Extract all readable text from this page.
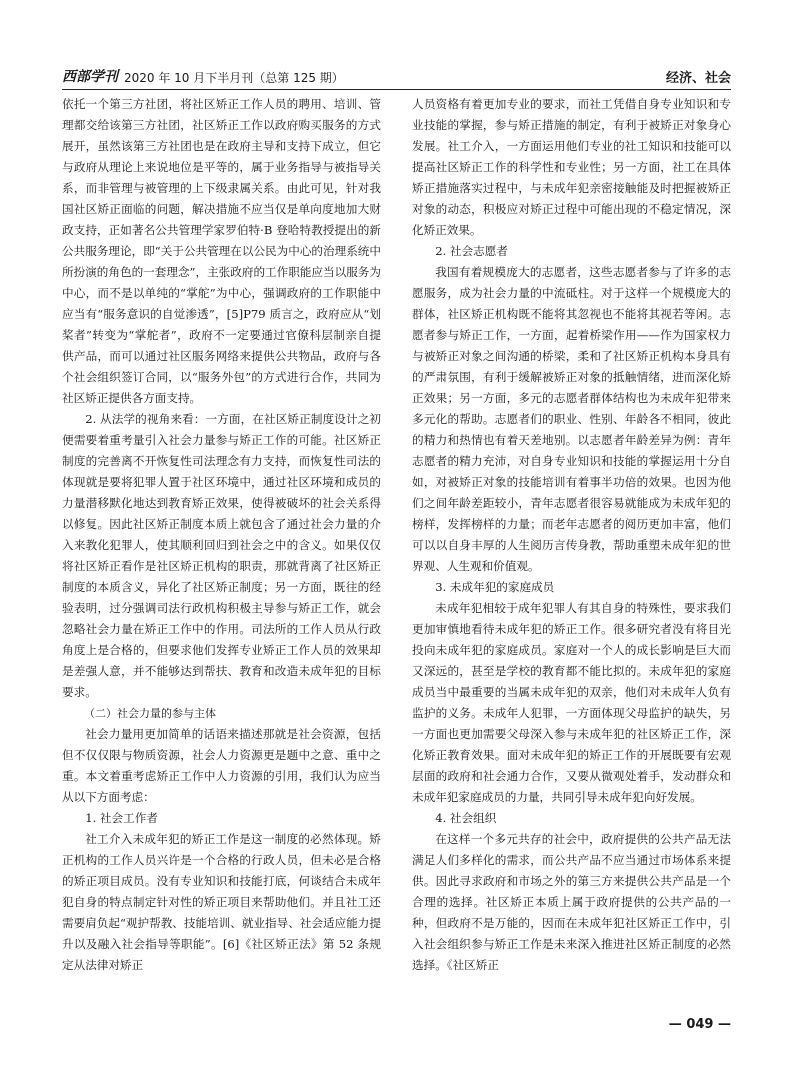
西部学刊 2020 年 10 月下半月刊（总第 125 期）	经济、社会

依托一个第三方社团，将社区矫正工作人员的聘用、培训、管理都交给该第三方社团，社区矫正工作以政府购买服务的方式展开，虽然该第三方社团也是在政府主导和支持下成立，但它与政府从理论上来说地位是平等的，属于业务指导与被指导关系，而非管理与被管理的上下级隶属关系。由此可见，针对我国社区矫正面临的问题，解决措施不应当仅是单向度地加大财政支持，正如著名公共管理学家罗伯特·B 登哈特教授提出的新公共服务理论，即“关于公共管理在以公民为中心的治理系统中所扮演的角色的一套理念”，主张政府的工作职能应当以服务为中心，而不是以单纯的“掌舵”为中心，强调政府的工作职能中应当有“服务意识的自觉渗透”，[5]P79 质言之，政府应从“划桨者”转变为“掌舵者”，政府不一定要通过官僚科层制亲自提供产品，而可以通过社区服务网络来提供公共物品，政府与各个社会组织签订合同，以“服务外包”的方式进行合作，共同为社区矫正提供各方面支持。

2. 从法学的视角来看：一方面，在社区矫正制度设计之初便需要着重考量引入社会力量参与矫正工作的可能。社区矫正制度的完善离不开恢复性司法理念有力支持，而恢复性司法的体现就是要将犯罪人置于社区环境中，通过社区环境和成员的力量潜移默化地达到教育矫正效果，使得被破坏的社会关系得以修复。因此社区矫正制度本质上就包含了通过社会力量的介入来教化犯罪人，使其顺利回归到社会之中的含义。如果仅仅将社区矫正看作是社区矫正机构的职责，那就背离了社区矫正制度的本质含义，异化了社区矫正制度；另一方面，既往的经验表明，过分强调司法行政机构积极主导参与矫正工作，就会忽略社会力量在矫正工作中的作用。司法所的工作人员从行政角度上是合格的，但要求他们发挥专业矫正工作人员的效果却是差强人意，并不能够达到帮扶、教育和改造未成年犯的目标要求。

（二）社会力量的参与主体

社会力量用更加简单的话语来描述那就是社会资源，包括但不仅仅限与物质资源，社会人力资源更是题中之意、重中之重。本文着重考虑矫正工作中人力资源的引用，我们认为应当从以下方面考虑：

1. 社会工作者

社工介入未成年犯的矫正工作是这一制度的必然体现。矫正机构的工作人员兴许是一个合格的行政人员，但未必是合格的矫正项目成员。没有专业知识和技能打底，何谈结合未成年犯自身的特点制定针对性的矫正项目来帮助他们。并且社工还需要肩负起“观护帮教、技能培训、就业指导、社会适应能力提升以及融入社会指导等职能”。[6]《社区矫正法》第 52 条规定从法律对矫正

人员资格有着更加专业的要求，而社工凭借自身专业知识和专业技能的掌握，参与矫正措施的制定，有利于被矫正对象身心发展。社工介入，一方面运用他们专业的社工知识和技能可以提高社区矫正工作的科学性和专业性；另一方面，社工在具体矫正措施落实过程中，与未成年犯亲密接触能及时把握被矫正对象的动态，积极应对矫正过程中可能出现的不稳定情况，深化矫正效果。

2. 社会志愿者

我国有着规模庞大的志愿者，这些志愿者参与了许多的志愿服务，成为社会力量的中流砥柱。对于这样一个规模庞大的群体，社区矫正机构既不能将其忽视也不能将其视若等闲。志愿者参与矫正工作，一方面，起着桥梁作用——作为国家权力与被矫正对象之间沟通的桥梁，柔和了社区矫正机构本身具有的严肃氛围，有利于缓解被矫正对象的抵触情绪，进而深化矫正效果；另一方面，多元的志愿者群体结构也为未成年犯带来多元化的帮助。志愿者们的职业、性别、年龄各不相同，彼此的精力和热情也有着天差地别。以志愿者年龄差异为例：青年志愿者的精力充沛，对自身专业知识和技能的掌握运用十分自如，对被矫正对象的技能培训有着事半功倍的效果。也因为他们之间年龄差距较小，青年志愿者很容易就能成为未成年犯的榜样，发挥榜样的力量；而老年志愿者的阅历更加丰富，他们可以以自身丰厚的人生阅历言传身教，帮助重塑未成年犯的世界观、人生观和价值观。

3. 未成年犯的家庭成员

未成年犯相较于成年犯罪人有其自身的特殊性，要求我们更加审慎地看待未成年犯的矫正工作。很多研究者没有将目光投向未成年犯的家庭成员。家庭对一个人的成长影响是巨大而又深远的，甚至是学校的教育都不能比拟的。未成年犯的家庭成员当中最重要的当属未成年犯的双亲，他们对未成年人负有监护的义务。未成年人犯罪，一方面体现父母监护的缺失，另一方面也更加需要父母深入参与未成年犯的社区矫正工作，深化矫正教育效果。面对未成年犯的矫正工作的开展既要有宏观层面的政府和社会通力合作，又要从微观处着手，发动群众和未成年犯家庭成员的力量，共同引导未成年犯向好发展。

4. 社会组织

在这样一个多元共存的社会中，政府提供的公共产品无法满足人们多样化的需求，而公共产品不应当通过市场体系来提供。因此寻求政府和市场之外的第三方来提供公共产品是一个合理的选择。社区矫正本质上属于政府提供的公共产品的一种，但政府不是万能的，因而在未成年犯社区矫正工作中，引入社会组织参与矫正工作是未来深入推进社区矫正制度的必然选择。《社区矫正

— 049 —
